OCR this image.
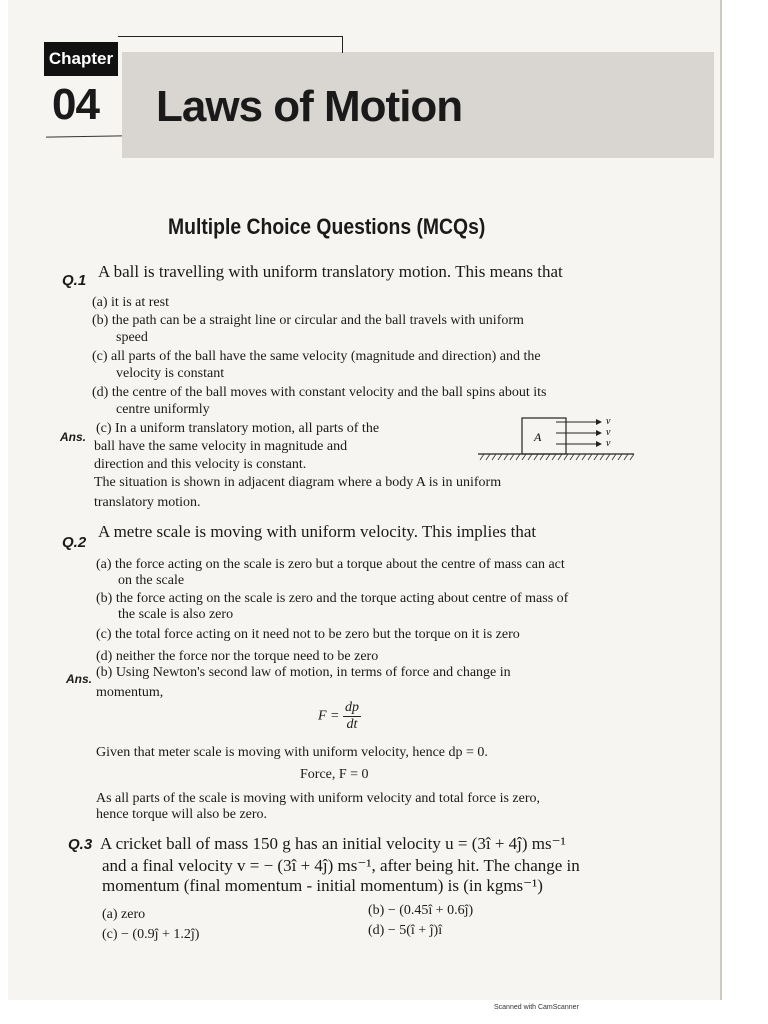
Chapter
04 Laws of Motion
Multiple Choice Questions (MCQs)
Q.1 A ball is travelling with uniform translatory motion. This means that
(a) it is at rest
(b) the path can be a straight line or circular and the ball travels with uniform
speed
(c) all parts of the ball have the same velocity (magnitude and direction) and the
velocity is constant
(d) the centre of the ball moves with constant velocity and the ball spins about its
centre uniformly
Ans.
(c) In a uniform translatory motion, all parts of the
ball have the same velocity in magnitude and
direction and this velocity is constant.
The situation is shown in adjacent diagram where a body A is in uniform
translatory motion.
A
v
v
v
Q.2
A metre scale is moving with uniform velocity. This implies that
(a) the force acting on the scale is zero but a torque about the centre of mass can act
on the scale
(b) the force acting on the scale is zero and the torque acting about centre of mass of
the scale is also zero
(c) the total force acting on it need not to be zero but the torque on it is zero
(d) neither the force nor the torque need to be zero
Ans. (b) Using Newton's second law of motion, in terms of force and change in
momentum,
$F = \frac{dp}{dt}$
Given that meter scale is moving with uniform velocity, hence dp = 0.
Force, F = 0
As all parts of the scale is moving with uniform velocity and total force is zero,
hence torque will also be zero.
Q.3 A cricket ball of mass 150 g has an initial velocity u = (3î + 4ĵ) ms⁻¹
and a final velocity v = − (3î + 4ĵ) ms⁻¹, after being hit. The change in
momentum (final momentum - initial momentum) is (in kgms⁻¹)
(a) zero	(b) − (0.45î + 0.6ĵ)
(c) − (0.9ĵ + 1.2ĵ)	(d) − 5(î + ĵ)î
Scanned with CamScanner
